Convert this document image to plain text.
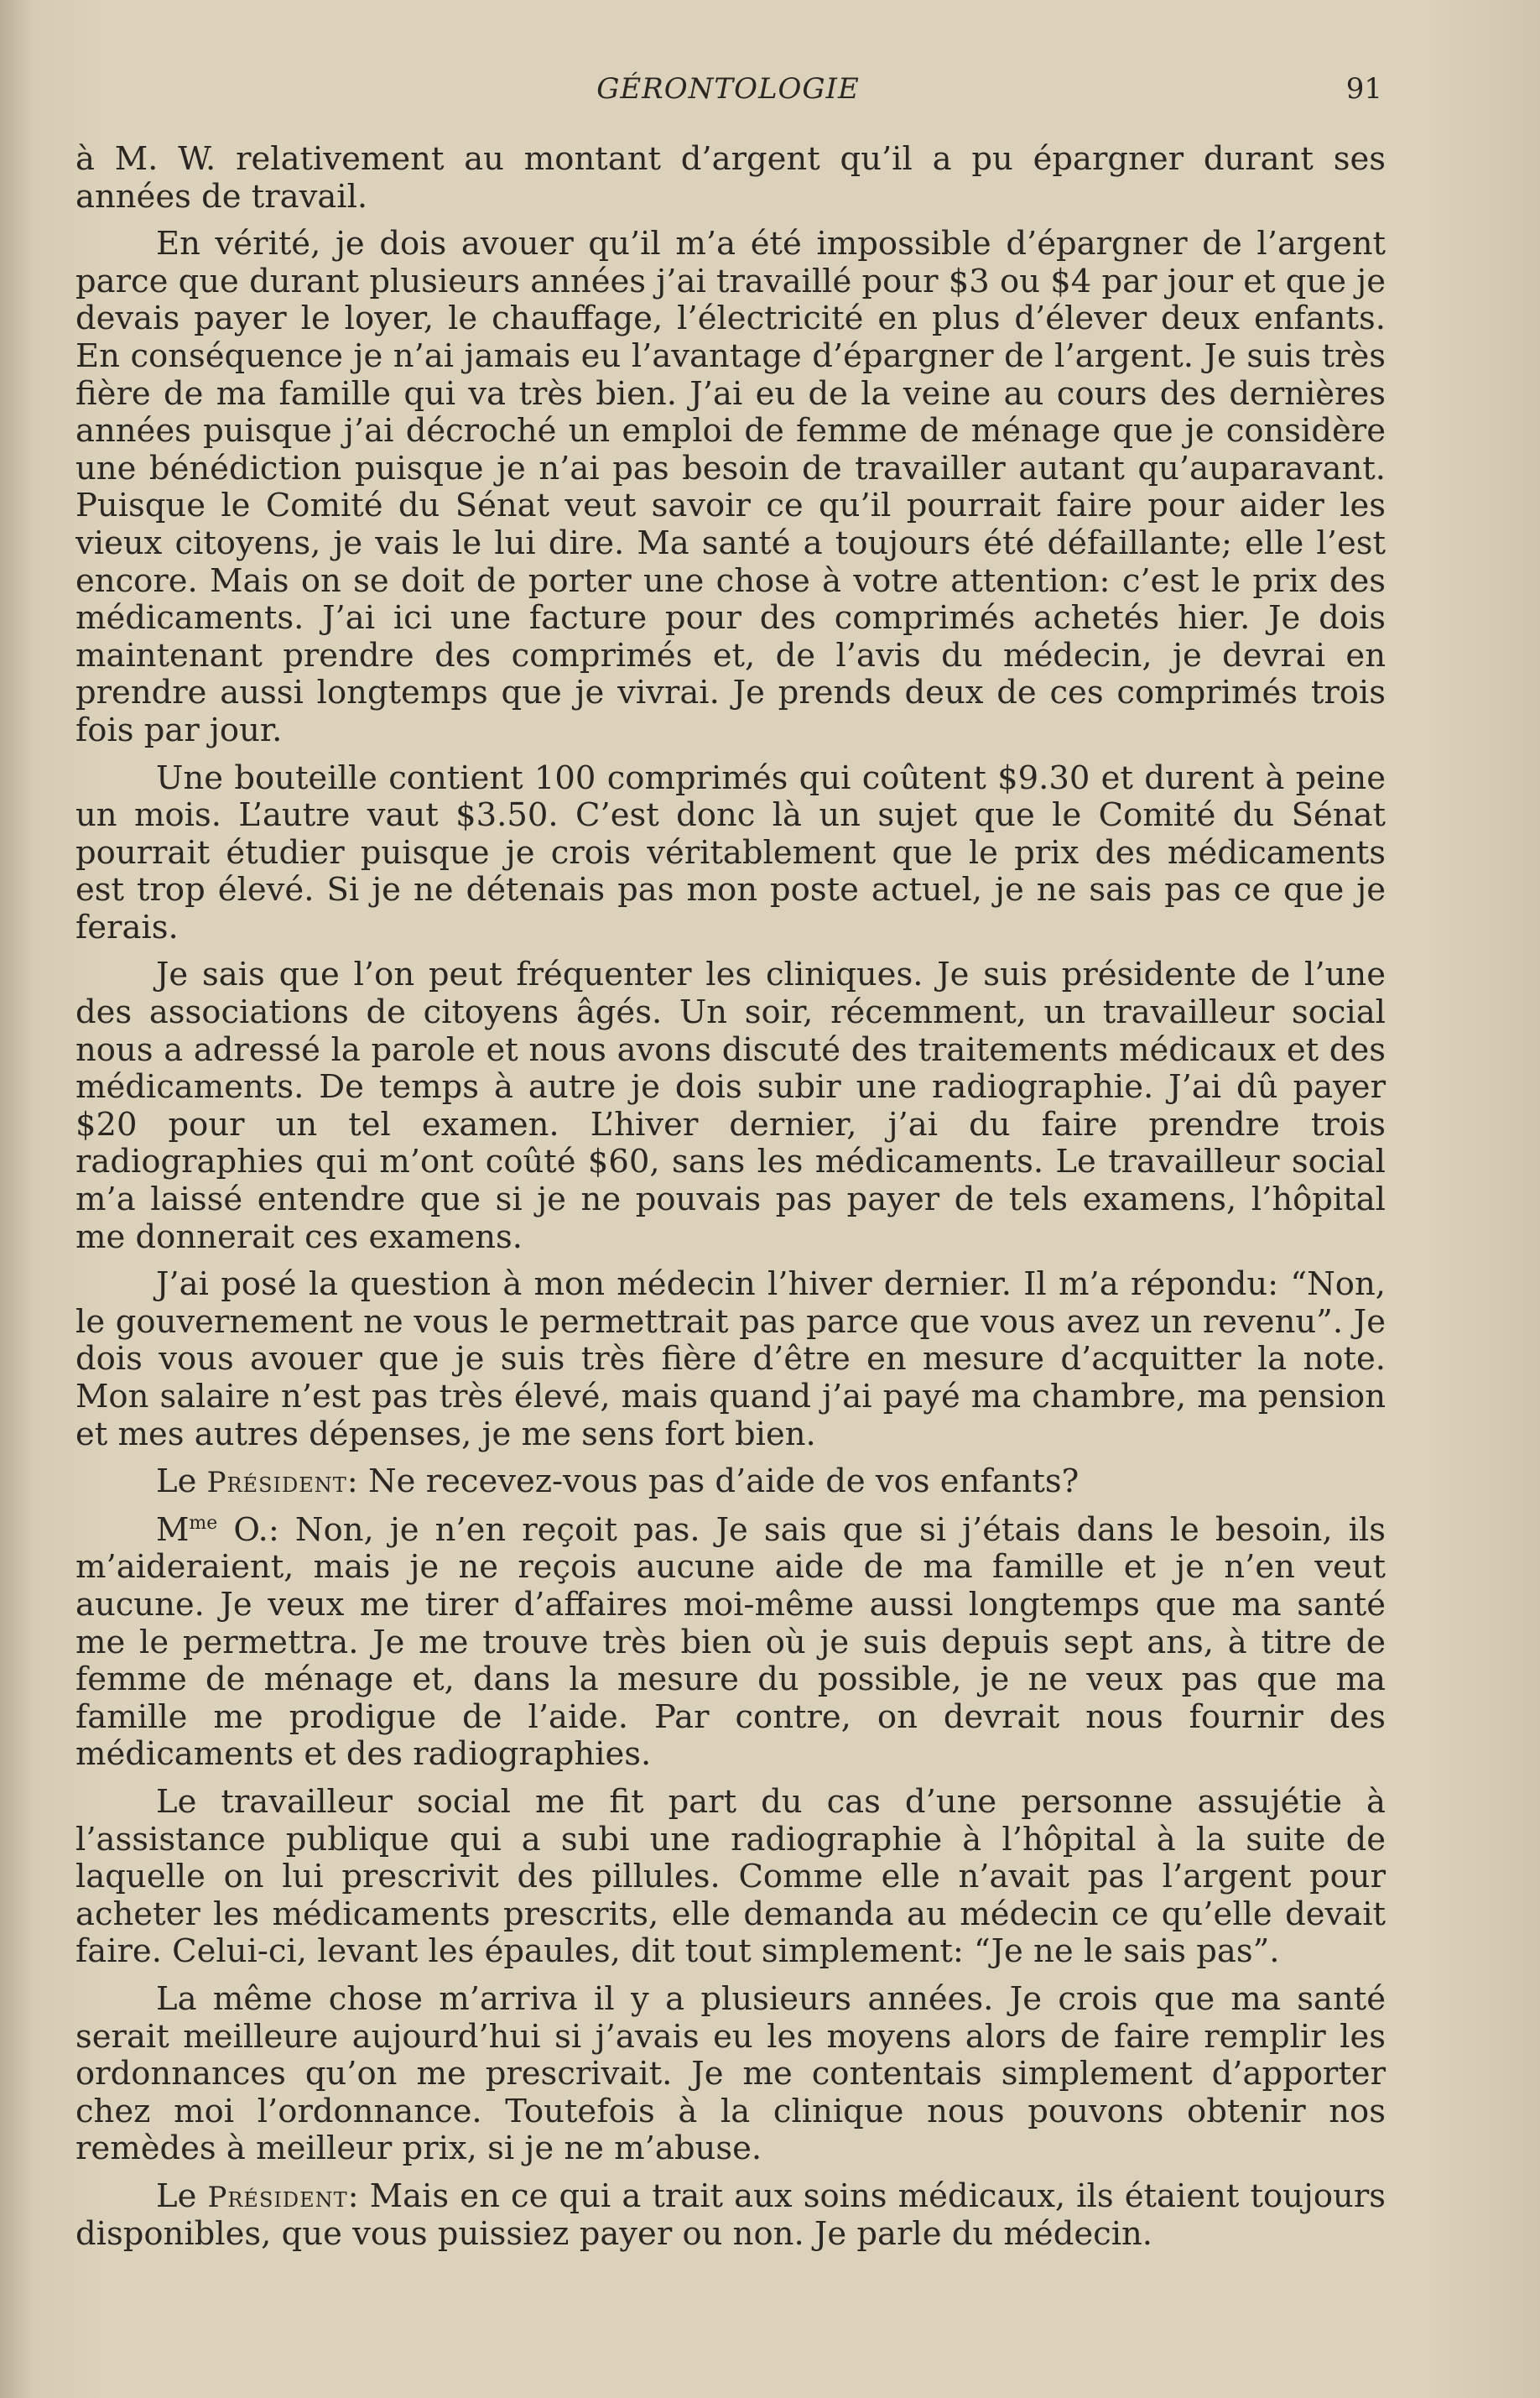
GÉRONTOLOGIE	91

à M. W. relativement au montant d’argent qu’il a pu épargner durant ses années de travail.

En vérité, je dois avouer qu’il m’a été impossible d’épargner de l’argent parce que durant plusieurs années j’ai travaillé pour $3 ou $4 par jour et que je devais payer le loyer, le chauffage, l’électricité en plus d’élever deux enfants. En conséquence je n’ai jamais eu l’avantage d’épargner de l’argent. Je suis très fière de ma famille qui va très bien. J’ai eu de la veine au cours des dernières années puisque j’ai décroché un emploi de femme de ménage que je considère une bénédiction puisque je n’ai pas besoin de travailler autant qu’auparavant. Puisque le Comité du Sénat veut savoir ce qu’il pourrait faire pour aider les vieux citoyens, je vais le lui dire. Ma santé a toujours été défaillante; elle l’est encore. Mais on se doit de porter une chose à votre attention: c’est le prix des médicaments. J’ai ici une facture pour des comprimés achetés hier. Je dois maintenant prendre des comprimés et, de l’avis du médecin, je devrai en prendre aussi longtemps que je vivrai. Je prends deux de ces comprimés trois fois par jour.

Une bouteille contient 100 comprimés qui coûtent $9.30 et durent à peine un mois. L’autre vaut $3.50. C’est donc là un sujet que le Comité du Sénat pourrait étudier puisque je crois véritablement que le prix des médicaments est trop élevé. Si je ne détenais pas mon poste actuel, je ne sais pas ce que je ferais.

Je sais que l’on peut fréquenter les cliniques. Je suis présidente de l’une des associations de citoyens âgés. Un soir, récemment, un travailleur social nous a adressé la parole et nous avons discuté des traitements médicaux et des médicaments. De temps à autre je dois subir une radiographie. J’ai dû payer $20 pour un tel examen. L’hiver dernier, j’ai du faire prendre trois radiographies qui m’ont coûté $60, sans les médicaments. Le travailleur social m’a laissé entendre que si je ne pouvais pas payer de tels examens, l’hôpital me donnerait ces examens.

J’ai posé la question à mon médecin l’hiver dernier. Il m’a répondu: “Non, le gouvernement ne vous le permettrait pas parce que vous avez un revenu”. Je dois vous avouer que je suis très fière d’être en mesure d’acquitter la note. Mon salaire n’est pas très élevé, mais quand j’ai payé ma chambre, ma pension et mes autres dépenses, je me sens fort bien.

Le Président: Ne recevez-vous pas d’aide de vos enfants?

$M^{me}$ O.: Non, je n’en reçoit pas. Je sais que si j’étais dans le besoin, ils m’aideraient, mais je ne reçois aucune aide de ma famille et je n’en veut aucune. Je veux me tirer d’affaires moi-même aussi longtemps que ma santé me le permettra. Je me trouve très bien où je suis depuis sept ans, à titre de femme de ménage et, dans la mesure du possible, je ne veux pas que ma famille me prodigue de l’aide. Par contre, on devrait nous fournir des médicaments et des radiographies.

Le travailleur social me fit part du cas d’une personne assujétie à l’assistance publique qui a subi une radiographie à l’hôpital à la suite de laquelle on lui prescrivit des pillules. Comme elle n’avait pas l’argent pour acheter les médicaments prescrits, elle demanda au médecin ce qu’elle devait faire. Celui-ci, levant les épaules, dit tout simplement: “Je ne le sais pas”.

La même chose m’arriva il y a plusieurs années. Je crois que ma santé serait meilleure aujourd’hui si j’avais eu les moyens alors de faire remplir les ordonnances qu’on me prescrivait. Je me contentais simplement d’apporter chez moi l’ordonnance. Toutefois à la clinique nous pouvons obtenir nos remèdes à meilleur prix, si je ne m’abuse.

Le Président: Mais en ce qui a trait aux soins médicaux, ils étaient toujours disponibles, que vous puissiez payer ou non. Je parle du médecin.
